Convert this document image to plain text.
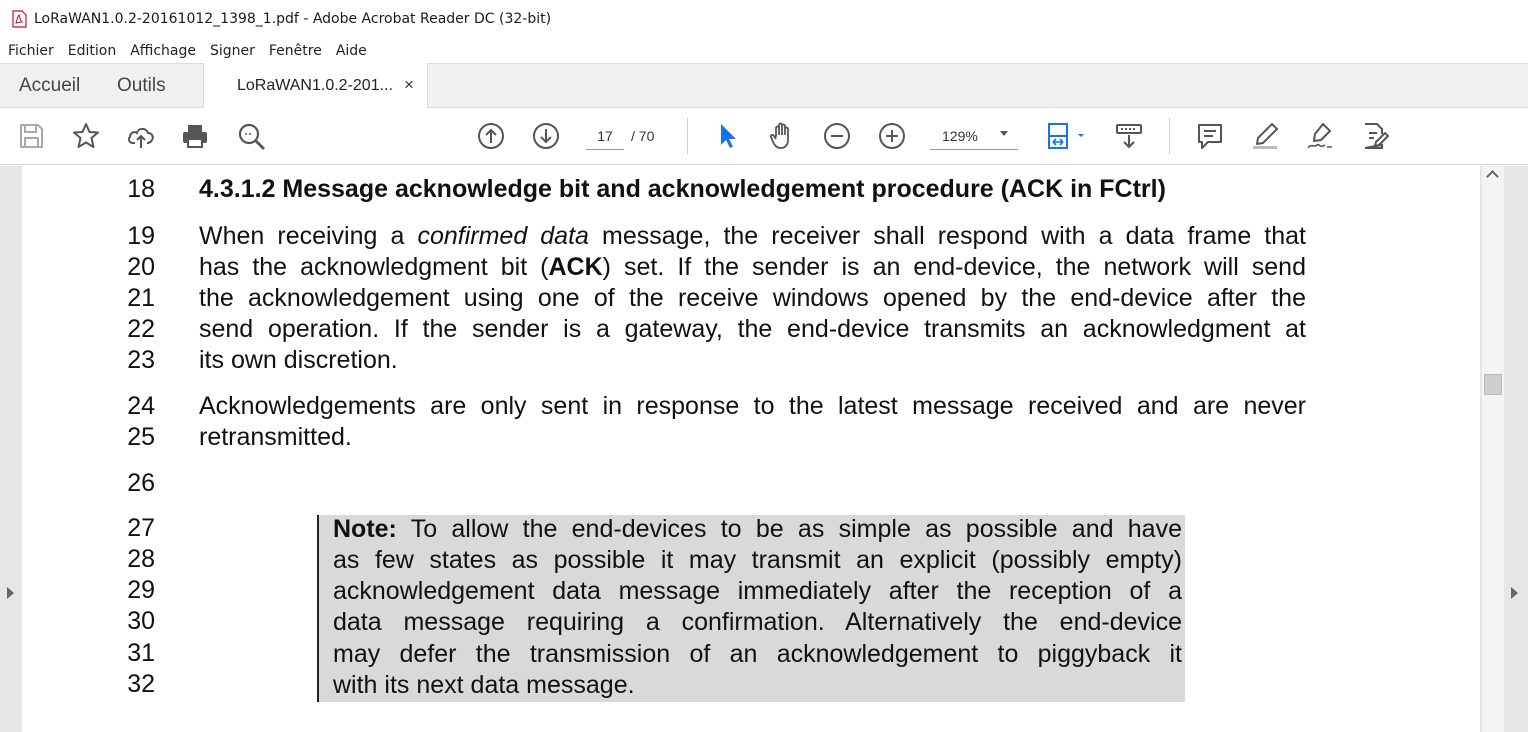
LoRaWAN1.0.2-20161012_1398_1.pdf - Adobe Acrobat Reader DC (32-bit)
Fichier Edition Affichage Signer Fenêtre Aide
Accueil Outils	LoRaWAN1.0.2-201... ×
17
/ 70	129%
18
19
20
21
22
23
24
25
26
27
28
29
30
31
32
4.3.1.2 Message acknowledge bit and acknowledgement procedure (ACK in FCtrl)
When receiving a confirmed data message, the receiver shall respond with a data frame that
has the acknowledgment bit (ACK) set. If the sender is an end-device, the network will send
the acknowledgement using one of the receive windows opened by the end-device after the
send operation. If the sender is a gateway, the end-device transmits an acknowledgment at
its own discretion.
Acknowledgements are only sent in response to the latest message received and are never
retransmitted.
Note: To allow the end-devices to be as simple as possible and have
as few states as possible it may transmit an explicit (possibly empty)
acknowledgement data message immediately after the reception of a
data message requiring a confirmation. Alternatively the end-device
may defer the transmission of an acknowledgement to piggyback it
with its next data message.
